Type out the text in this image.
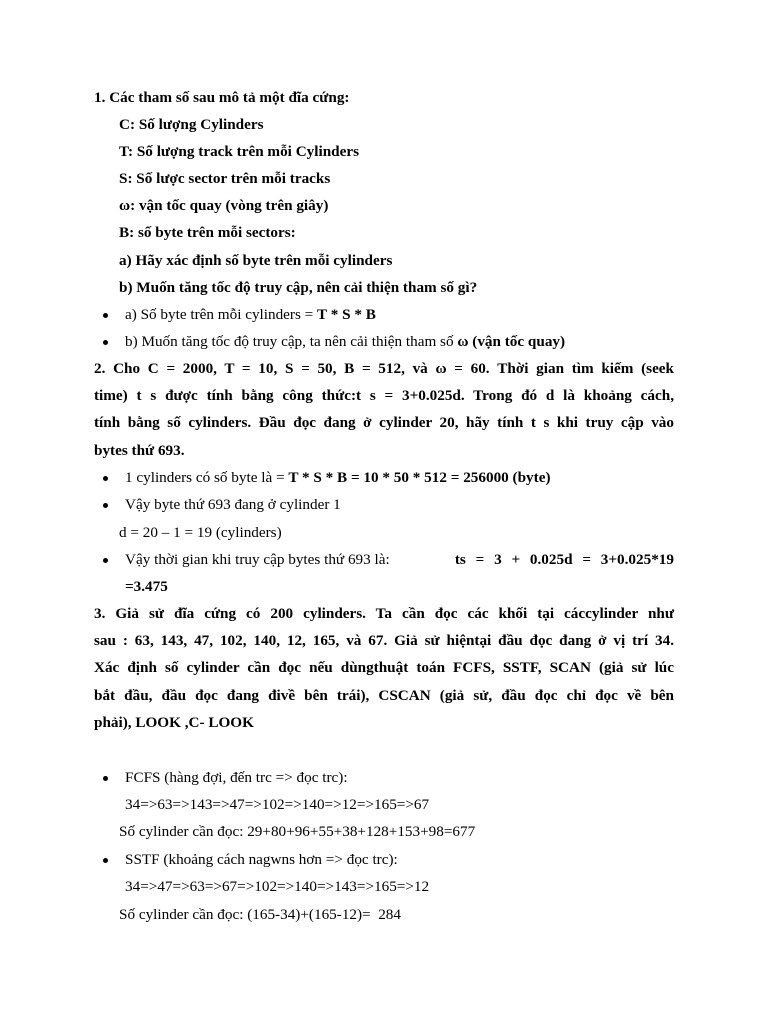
1. Các tham số sau mô tả một đĩa cứng:
C: Số lượng Cylinders
T: Số lượng track trên mỗi Cylinders
S: Số lược sector trên mỗi tracks
ω: vận tốc quay (vòng trên giây)
B: số byte trên mỗi sectors:
a) Hãy xác định số byte trên mỗi cylinders
b) Muốn tăng tốc độ truy cập, nên cải thiện tham số gì?
a) Số byte trên mỗi cylinders = T * S * B
b) Muốn tăng tốc độ truy cập, ta nên cải thiện tham số ω (vận tốc quay)
2. Cho C = 2000, T = 10, S = 50, B = 512, và ω = 60. Thời gian tìm kiếm (seek
time) t s được tính bằng công thức:t s = 3+0.025d. Trong đó d là khoảng cách,
tính bằng số cylinders. Đầu đọc đang ở cylinder 20, hãy tính t s khi truy cập vào
bytes thứ 693.
1 cylinders có số byte là = T * S * B = 10 * 50 * 512 = 256000 (byte)
Vậy byte thứ 693 đang ở cylinder 1
d = 20 – 1 = 19 (cylinders)
Vậy thời gian khi truy cập bytes thứ 693 là:	ts = 3 + 0.025d = 3+0.025*19
=3.475
3. Giả sử đĩa cứng có 200 cylinders. Ta cần đọc các khối tại cáccylinder như
sau : 63, 143, 47, 102, 140, 12, 165, và 67. Giả sử hiệntại đầu đọc đang ở vị trí 34.
Xác định số cylinder cần đọc nếu dùngthuật toán FCFS, SSTF, SCAN (giả sử lúc
bắt đầu, đầu đọc đang đivề bên trái), CSCAN (giả sử, đầu đọc chỉ đọc về bên
phải), LOOK ,C- LOOK
FCFS (hàng đợi, đến trc => đọc trc):
34=>63=>143=>47=>102=>140=>12=>165=>67
Số cylinder cần đọc: 29+80+96+55+38+128+153+98=677
SSTF (khoảng cách nagwns hơn => đọc trc):
34=>47=>63=>67=>102=>140=>143=>165=>12
Số cylinder cần đọc: (165-34)+(165-12)=  284
